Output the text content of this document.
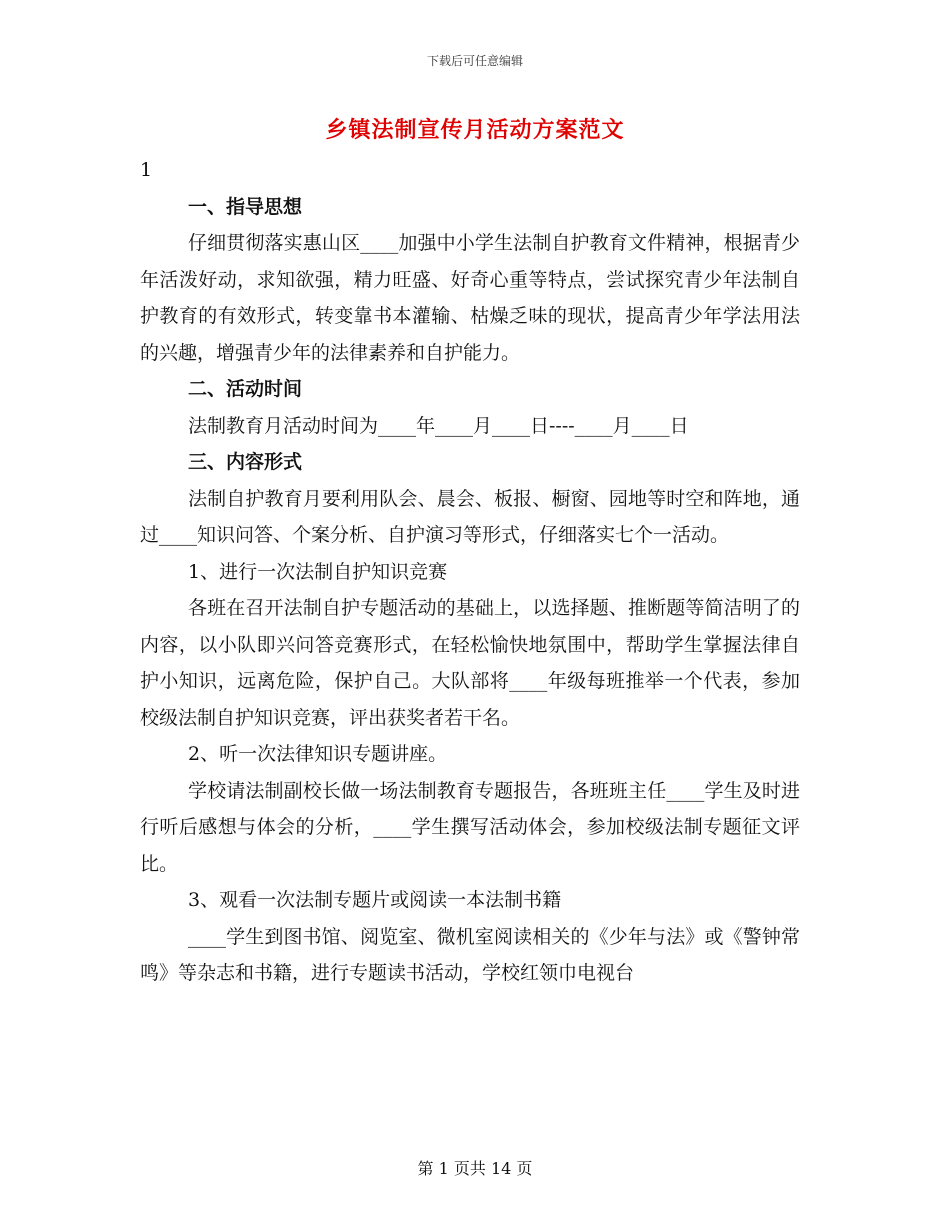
下载后可任意编辑
乡镇法制宣传月活动方案范文

1

一、指导思想

仔细贯彻落实惠山区____加强中小学生法制自护教育文件精神，根据青少年活泼好动，求知欲强，精力旺盛、好奇心重等特点，尝试探究青少年法制自护教育的有效形式，转变靠书本灌输、枯燥乏味的现状，提高青少年学法用法的兴趣，增强青少年的法律素养和自护能力。

二、活动时间

法制教育月活动时间为____年____月____日----____月____日

三、内容形式

法制自护教育月要利用队会、晨会、板报、橱窗、园地等时空和阵地，通过____知识问答、个案分析、自护演习等形式，仔细落实七个一活动。

1、进行一次法制自护知识竞赛

各班在召开法制自护专题活动的基础上，以选择题、推断题等简洁明了的内容，以小队即兴问答竞赛形式，在轻松愉快地氛围中，帮助学生掌握法律自护小知识，远离危险，保护自己。大队部将____年级每班推举一个代表，参加校级法制自护知识竞赛，评出获奖者若干名。

2、听一次法律知识专题讲座。

学校请法制副校长做一场法制教育专题报告，各班班主任____学生及时进行听后感想与体会的分析，____学生撰写活动体会，参加校级法制专题征文评比。

3、观看一次法制专题片或阅读一本法制书籍

____学生到图书馆、阅览室、微机室阅读相关的《少年与法》或《警钟常鸣》等杂志和书籍，进行专题读书活动，学校红领巾电视台

第 1 页共 14 页
